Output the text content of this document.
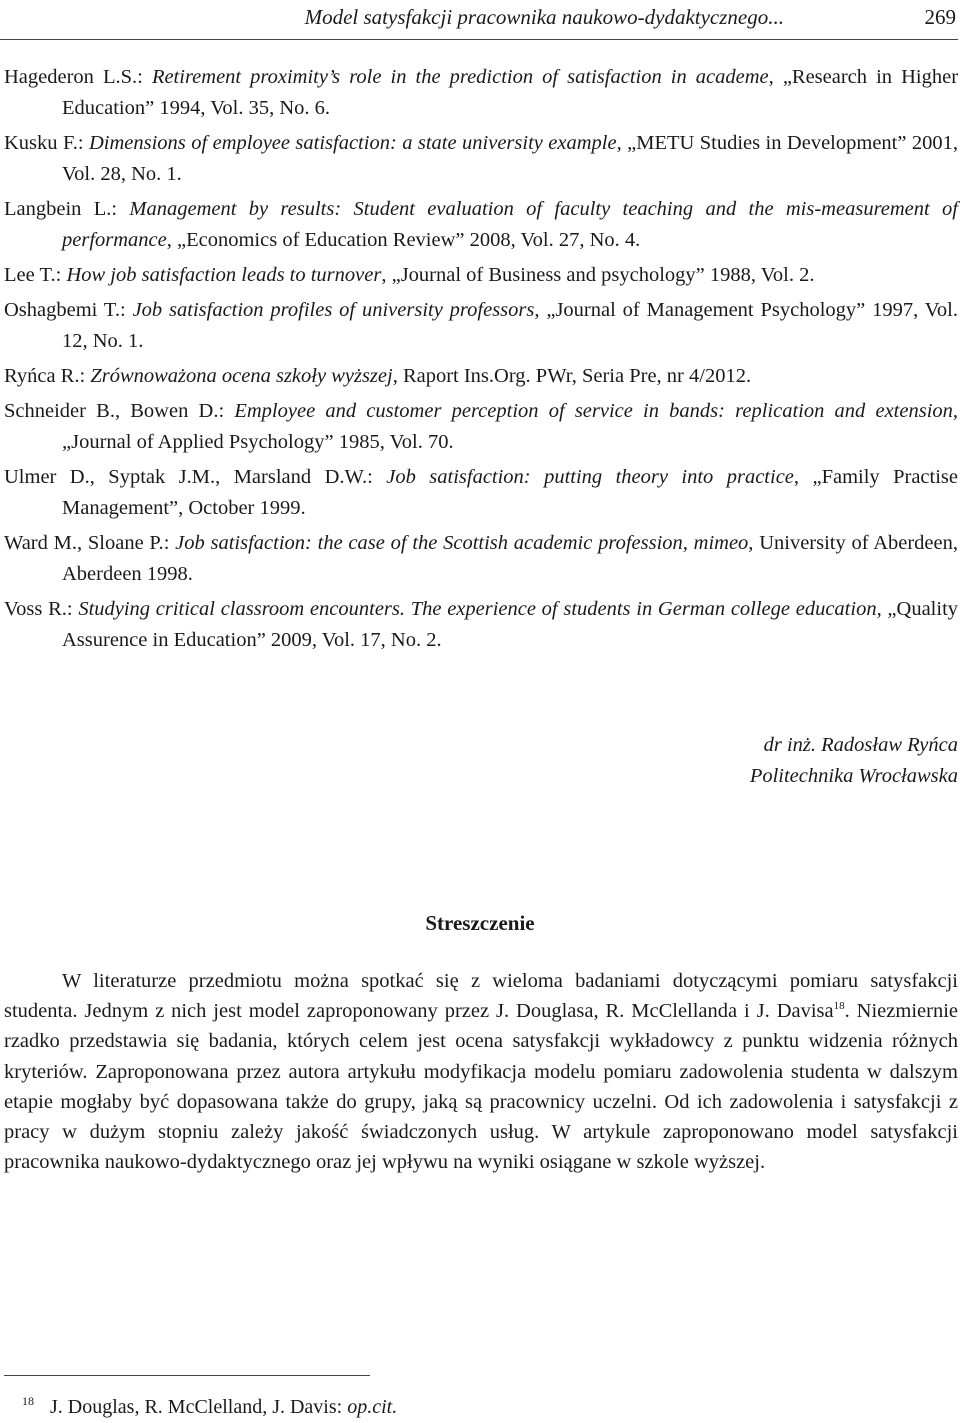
Model satysfakcji pracownika naukowo-dydaktycznego...	269

Hagederon L.S.: Retirement proximity’s role in the prediction of satisfaction in academe, „Research in Higher Education” 1994, Vol. 35, No. 6.

Kusku F.: Dimensions of employee satisfaction: a state university example, „METU Studies in Development” 2001, Vol. 28, No. 1.

Langbein L.: Management by results: Student evaluation of faculty teaching and the mis-measurement of performance, „Economics of Education Review” 2008, Vol. 27, No. 4.

Lee T.: How job satisfaction leads to turnover, „Journal of Business and psychology” 1988, Vol. 2.

Oshagbemi T.: Job satisfaction profiles of university professors, „Journal of Management Psychology” 1997, Vol. 12, No. 1.

Ryńca R.: Zrównoważona ocena szkoły wyższej, Raport Ins.Org. PWr, Seria Pre, nr 4/2012.

Schneider B., Bowen D.: Employee and customer perception of service in bands: replication and extension, „Journal of Applied Psychology” 1985, Vol. 70.

Ulmer D., Syptak J.M., Marsland D.W.: Job satisfaction: putting theory into practice, „Family Practise Management”, October 1999.

Ward M., Sloane P.: Job satisfaction: the case of the Scottish academic profession, mimeo, University of Aberdeen, Aberdeen 1998.

Voss R.: Studying critical classroom encounters. The experience of students in German college education, „Quality Assurence in Education” 2009, Vol. 17, No. 2.

dr inż. Radosław Ryńca
Politechnika Wrocławska
Streszczenie

W literaturze przedmiotu można spotkać się z wieloma badaniami dotyczącymi pomiaru satysfakcji studenta. Jednym z nich jest model zaproponowany przez J. Douglasa, R. McClellanda i J. Davisa$^{18}$. Niezmiernie rzadko przedstawia się badania, których celem jest ocena satysfakcji wykładowcy z punktu widzenia różnych kryteriów. Zaproponowana przez autora artykułu modyfikacja modelu pomiaru zadowolenia studenta w dalszym etapie mogłaby być dopasowana także do grupy, jaką są pracownicy uczelni. Od ich zadowolenia i satysfakcji z pracy w dużym stopniu zależy jakość świadczonych usług. W artykule zaproponowano model satysfakcji pracownika naukowo-dydaktycznego oraz jej wpływu na wyniki osiągane w szkole wyższej.

18 J. Douglas, R. McClelland, J. Davis: op.cit.
